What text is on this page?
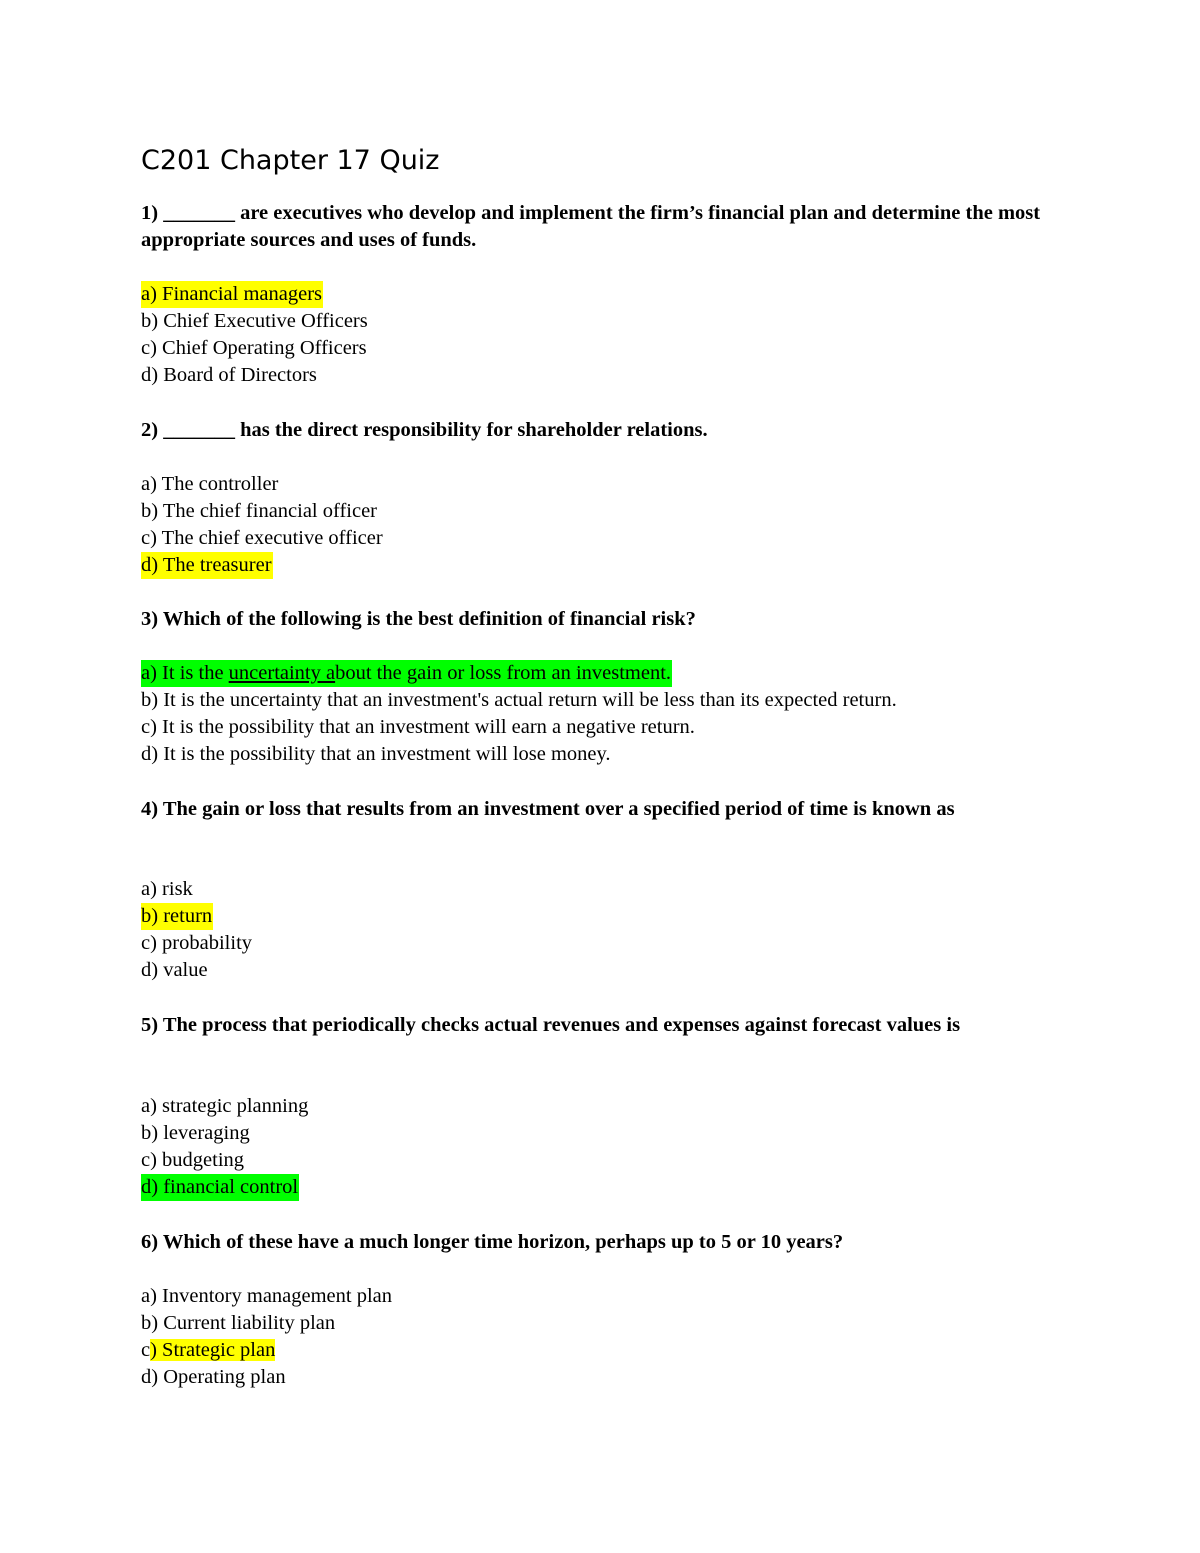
C201 Chapter 17 Quiz
1) _______ are executives who develop and implement the firm’s financial plan and determine the most appropriate sources and uses of funds.
a) Financial managers
b) Chief Executive Officers
c) Chief Operating Officers
d) Board of Directors
2) _______ has the direct responsibility for shareholder relations.
a) The controller
b) The chief financial officer
c) The chief executive officer
d) The treasurer
3) Which of the following is the best definition of financial risk?
a) It is the uncertainty about the gain or loss from an investment.
b) It is the uncertainty that an investment's actual return will be less than its expected return.
c) It is the possibility that an investment will earn a negative return.
d) It is the possibility that an investment will lose money.
4) The gain or loss that results from an investment over a specified period of time is known as
a) risk
b) return
c) probability
d) value
5) The process that periodically checks actual revenues and expenses against forecast values is
a) strategic planning
b) leveraging
c) budgeting
d) financial control
6) Which of these have a much longer time horizon, perhaps up to 5 or 10 years?
a) Inventory management plan
b) Current liability plan
c) Strategic plan
d) Operating plan
